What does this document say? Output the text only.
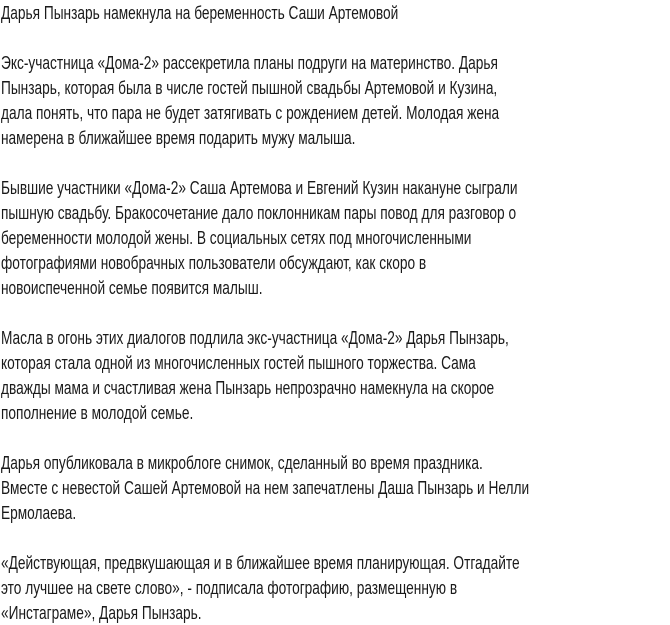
Дарья Пынзарь намекнула на беременность Саши Артемовой

Экс-участница «Дома-2» рассекретила планы подруги на материнство. Дарья
Пынзарь, которая была в числе гостей пышной свадьбы Артемовой и Кузина,
дала понять, что пара не будет затягивать с рождением детей. Молодая жена
намерена в ближайшее время подарить мужу малыша.

Бывшие участники «Дома-2» Саша Артемова и Евгений Кузин накануне сыграли
пышную свадьбу. Бракосочетание дало поклонникам пары повод для разговор о
беременности молодой жены. В социальных сетях под многочисленными
фотографиями новобрачных пользователи обсуждают, как скоро в
новоиспеченной семье появится малыш.

Масла в огонь этих диалогов подлила экс-участница «Дома-2» Дарья Пынзарь,
которая стала одной из многочисленных гостей пышного торжества. Сама
дважды мама и счастливая жена Пынзарь непрозрачно намекнула на скорое
пополнение в молодой семье.

Дарья опубликовала в микроблоге снимок, сделанный во время праздника.
Вместе с невестой Сашей Артемовой на нем запечатлены Даша Пынзарь и Нелли
Ермолаева.

«Действующая, предвкушающая и в ближайшее время планирующая. Отгадайте
это лучшее на свете слово», - подписала фотографию, размещенную в
«Инстаграме», Дарья Пынзарь.
